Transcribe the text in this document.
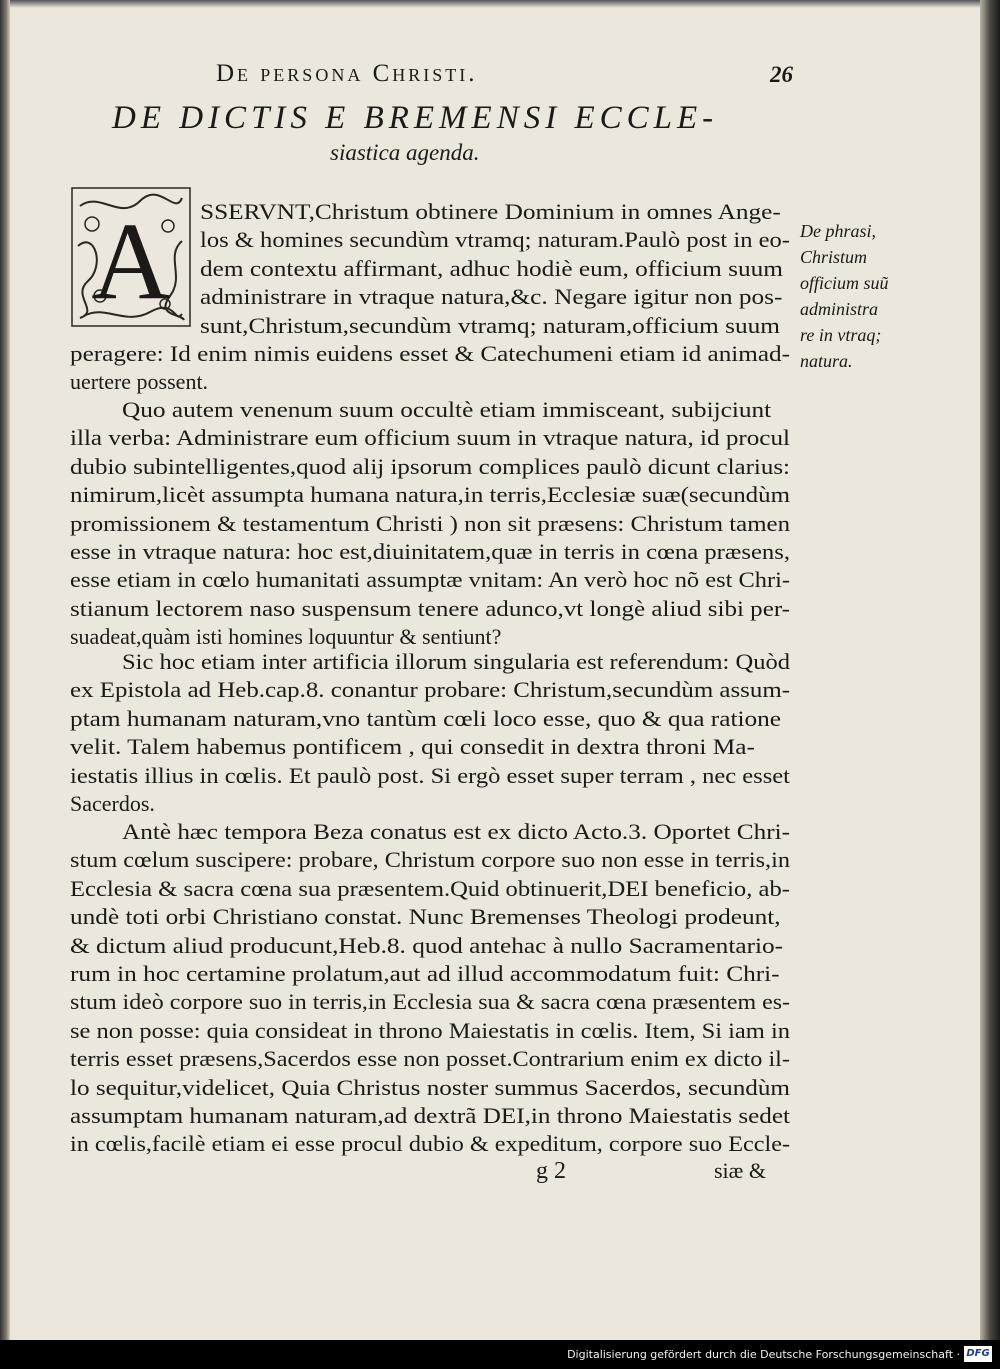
De persona Christi.	26
DE DICTIS E BREMENSI ECCLE-
siastica agenda.
A SSERVNT,Christum obtinere Dominium in omnes Ange-
los & homines secundùm vtramq; naturam.Paulò post in eo-
dem contextu affirmant, adhuc hodiè eum, officium suum
administrare in vtraque natura,&c. Negare igitur non pos-
sunt,Christum,secundùm vtramq; naturam,officium suum
peragere: Id enim nimis euidens esset & Catechumeni etiam id animad-
uertere possent.
Quo autem venenum suum occultè etiam immisceant, subijciunt
illa verba: Administrare eum officium suum in vtraque natura, id procul
dubio subintelligentes,quod alij ipsorum complices paulò dicunt clarius:
nimirum,licèt assumpta humana natura,in terris,Ecclesiæ suæ(secundùm
promissionem & testamentum Christi ) non sit præsens: Christum tamen
esse in vtraque natura: hoc est,diuinitatem,quæ in terris in cœna præsens,
esse etiam in cœlo humanitati assumptæ vnitam: An verò hoc nõ est Chri-
stianum lectorem naso suspensum tenere adunco,vt longè aliud sibi per-
suadeat,quàm isti homines loquuntur & sentiunt?
Sic hoc etiam inter artificia illorum singularia est referendum: Quòd
ex Epistola ad Heb.cap.8. conantur probare: Christum,secundùm assum-
ptam humanam naturam,vno tantùm cœli loco esse, quo & qua ratione
velit. Talem habemus pontificem , qui consedit in dextra throni Ma-
iestatis illius in cœlis. Et paulò post. Si ergò esset super terram , nec esset
Sacerdos.
Antè hæc tempora Beza conatus est ex dicto Acto.3. Oportet Chri-
stum cœlum suscipere: probare, Christum corpore suo non esse in terris,in
Ecclesia & sacra cœna sua præsentem.Quid obtinuerit,DEI beneficio, ab-
undè toti orbi Christiano constat. Nunc Bremenses Theologi prodeunt,
& dictum aliud producunt,Heb.8. quod antehac à nullo Sacramentario-
rum in hoc certamine prolatum,aut ad illud accommodatum fuit: Chri-
stum ideò corpore suo in terris,in Ecclesia sua & sacra cœna præsentem es-
se non posse: quia consideat in throno Maiestatis in cœlis. Item, Si iam in
terris esset præsens,Sacerdos esse non posset.Contrarium enim ex dicto il-
lo sequitur,videlicet, Quia Christus noster summus Sacerdos, secundùm
assumptam humanam naturam,ad dextrã DEI,in throno Maiestatis sedet
in cœlis,facilè etiam ei esse procul dubio & expeditum, corpore suo Eccle-
De phrasi,
Christum
officium suũ
administra
re in vtraq;
natura.
g 2	siæ &
Digitalisierung gefördert durch die Deutsche Forschungsgemeinschaft · DFG
